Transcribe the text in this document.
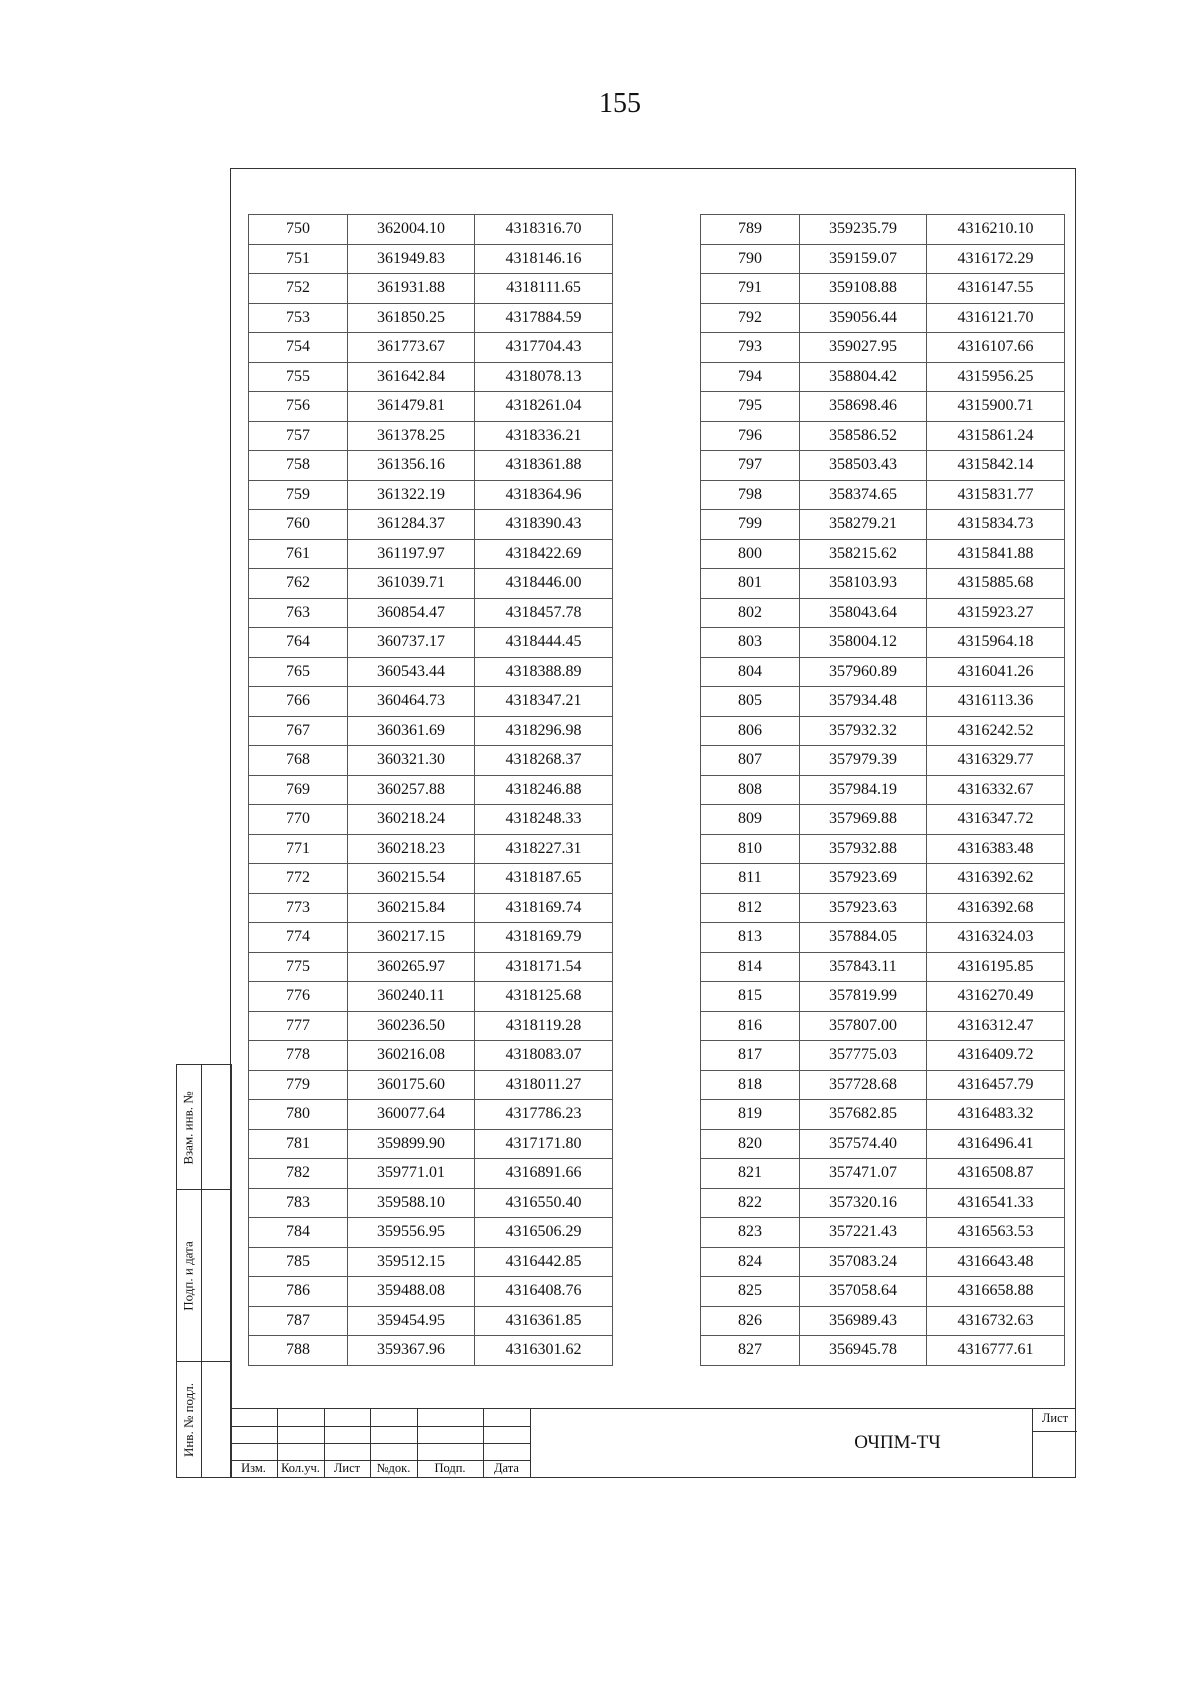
155
750	362004.10	4318316.70
751	361949.83	4318146.16
752	361931.88	4318111.65
753	361850.25	4317884.59
754	361773.67	4317704.43
755	361642.84	4318078.13
756	361479.81	4318261.04
757	361378.25	4318336.21
758	361356.16	4318361.88
759	361322.19	4318364.96
760	361284.37	4318390.43
761	361197.97	4318422.69
762	361039.71	4318446.00
763	360854.47	4318457.78
764	360737.17	4318444.45
765	360543.44	4318388.89
766	360464.73	4318347.21
767	360361.69	4318296.98
768	360321.30	4318268.37
769	360257.88	4318246.88
770	360218.24	4318248.33
771	360218.23	4318227.31
772	360215.54	4318187.65
773	360215.84	4318169.74
774	360217.15	4318169.79
775	360265.97	4318171.54
776	360240.11	4318125.68
777	360236.50	4318119.28
778	360216.08	4318083.07
779	360175.60	4318011.27
780	360077.64	4317786.23
781	359899.90	4317171.80
782	359771.01	4316891.66
783	359588.10	4316550.40
784	359556.95	4316506.29
785	359512.15	4316442.85
786	359488.08	4316408.76
787	359454.95	4316361.85
788	359367.96	4316301.62
789	359235.79	4316210.10
790	359159.07	4316172.29
791	359108.88	4316147.55
792	359056.44	4316121.70
793	359027.95	4316107.66
794	358804.42	4315956.25
795	358698.46	4315900.71
796	358586.52	4315861.24
797	358503.43	4315842.14
798	358374.65	4315831.77
799	358279.21	4315834.73
800	358215.62	4315841.88
801	358103.93	4315885.68
802	358043.64	4315923.27
803	358004.12	4315964.18
804	357960.89	4316041.26
805	357934.48	4316113.36
806	357932.32	4316242.52
807	357979.39	4316329.77
808	357984.19	4316332.67
809	357969.88	4316347.72
810	357932.88	4316383.48
811	357923.69	4316392.62
812	357923.63	4316392.68
813	357884.05	4316324.03
814	357843.11	4316195.85
815	357819.99	4316270.49
816	357807.00	4316312.47
817	357775.03	4316409.72
818	357728.68	4316457.79
819	357682.85	4316483.32
820	357574.40	4316496.41
821	357471.07	4316508.87
822	357320.16	4316541.33
823	357221.43	4316563.53
824	357083.24	4316643.48
825	357058.64	4316658.88
826	356989.43	4316732.63
827	356945.78	4316777.61
Взам. инв. №
Подп. и дата
Инв. № подл.
Изм.	Кол.уч.	Лист	№док.	Подп.	Дата
ОЧПМ-ТЧ
Лист
